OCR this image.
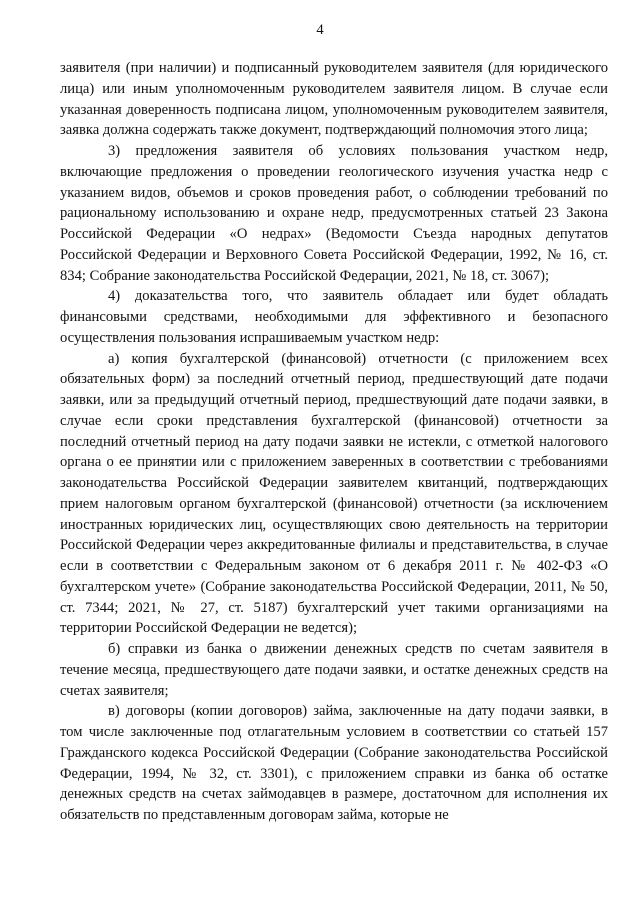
4

заявителя (при наличии) и подписанный руководителем заявителя (для юридического лица) или иным уполномоченным руководителем заявителя лицом. В случае если указанная доверенность подписана лицом, уполномоченным руководителем заявителя, заявка должна содержать также документ, подтверждающий полномочия этого лица;

3) предложения заявителя об условиях пользования участком недр, включающие предложения о проведении геологического изучения участка недр с указанием видов, объемов и сроков проведения работ, о соблюдении требований по рациональному использованию и охране недр, предусмотренных статьей 23 Закона Российской Федерации «О недрах» (Ведомости Съезда народных депутатов Российской Федерации и Верховного Совета Российской Федерации, 1992, № 16, ст. 834; Собрание законодательства Российской Федерации, 2021, № 18, ст. 3067);

4) доказательства того, что заявитель обладает или будет обладать финансовыми средствами, необходимыми для эффективного и безопасного осуществления пользования испрашиваемым участком недр:

а) копия бухгалтерской (финансовой) отчетности (с приложением всех обязательных форм) за последний отчетный период, предшествующий дате подачи заявки, или за предыдущий отчетный период, предшествующий дате подачи заявки, в случае если сроки представления бухгалтерской (финансовой) отчетности за последний отчетный период на дату подачи заявки не истекли, с отметкой налогового органа о ее принятии или с приложением заверенных в соответствии с требованиями законодательства Российской Федерации заявителем квитанций, подтверждающих прием налоговым органом бухгалтерской (финансовой) отчетности (за исключением иностранных юридических лиц, осуществляющих свою деятельность на территории Российской Федерации через аккредитованные филиалы и представительства, в случае если в соответствии с Федеральным законом от 6 декабря 2011 г. № 402-ФЗ «О бухгалтерском учете» (Собрание законодательства Российской Федерации, 2011, № 50, ст. 7344; 2021, № 27, ст. 5187) бухгалтерский учет такими организациями на территории Российской Федерации не ведется);

б) справки из банка о движении денежных средств по счетам заявителя в течение месяца, предшествующего дате подачи заявки, и остатке денежных средств на счетах заявителя;

в) договоры (копии договоров) займа, заключенные на дату подачи заявки, в том числе заключенные под отлагательным условием в соответствии со статьей 157 Гражданского кодекса Российской Федерации (Собрание законодательства Российской Федерации, 1994, № 32, ст. 3301), с приложением справки из банка об остатке денежных средств на счетах займодавцев в размере, достаточном для исполнения их обязательств по представленным договорам займа, которые не
